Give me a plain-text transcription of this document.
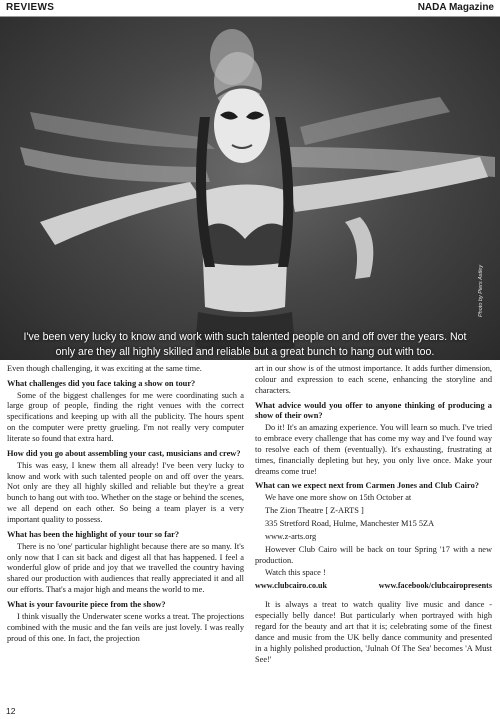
REVIEWS	NADA Magazine
I've been very lucky to know and work with such talented people on and off over the years. Not only are they all highly skilled and reliable but a great bunch to hang out with too.
Photo by Piers Astley

Even though challenging, it was exciting at the same time.

What challenges did you face taking a show on tour?

Some of the biggest challenges for me were coordinating such a large group of people, finding the right venues with the correct specifications and keeping up with all the publicity. The hours spent on the computer were pretty grueling. I'm not really very computer literate so found that extra hard.

How did you go about assembling your cast, musicians and crew?

This was easy, I knew them all already! I've been very lucky to know and work with such talented people on and off over the years. Not only are they all highly skilled and reliable but they're a great bunch to hang out with too. Whether on the stage or behind the scenes, we all depend on each other. So being a team player is a very important quality to possess.

What has been the highlight of your tour so far?

There is no 'one' particular highlight because there are so many. It's only now that I can sit back and digest all that has happened. I feel a wonderful glow of pride and joy that we travelled the country having shared our production with audiences that really appreciated it and all our efforts. That's a major high and means the world to me.

What is your favourite piece from the show?

I think visually the Underwater scene works a treat. The projections combined with the music and the fan veils are just lovely. I was really proud of this one. In fact, the projection

art in our show is of the utmost importance. It adds further dimension, colour and expression to each scene, enhancing the storyline and characters.

What advice would you offer to anyone thinking of producing a show of their own?

Do it! It's an amazing experience. You will learn so much. I've tried to embrace every challenge that has come my way and I've found way to resolve each of them (eventually). It's exhausting, frustrating at times, financially depleting but hey, you only live once. Make your dreams come true!

What can we expect next from Carmen Jones and Club Cairo?

We have one more show on 15th October at

The Zion Theatre [ Z-ARTS ]

335 Stretford Road, Hulme, Manchester M15 5ZA

www.z-arts.org

However Club Cairo will be back on tour Spring '17 with a new production.

Watch this space !

www.clubcairo.co.uk	www.facebook/clubcairopresents

It is always a treat to watch quality live music and dance - especially belly dance! But particularly when portrayed with high regard for the beauty and art that it is; celebrating some of the finest dance and music from the UK belly dance community and presented in a highly polished production, 'Julnah Of The Sea' becomes 'A Must See!'

12
